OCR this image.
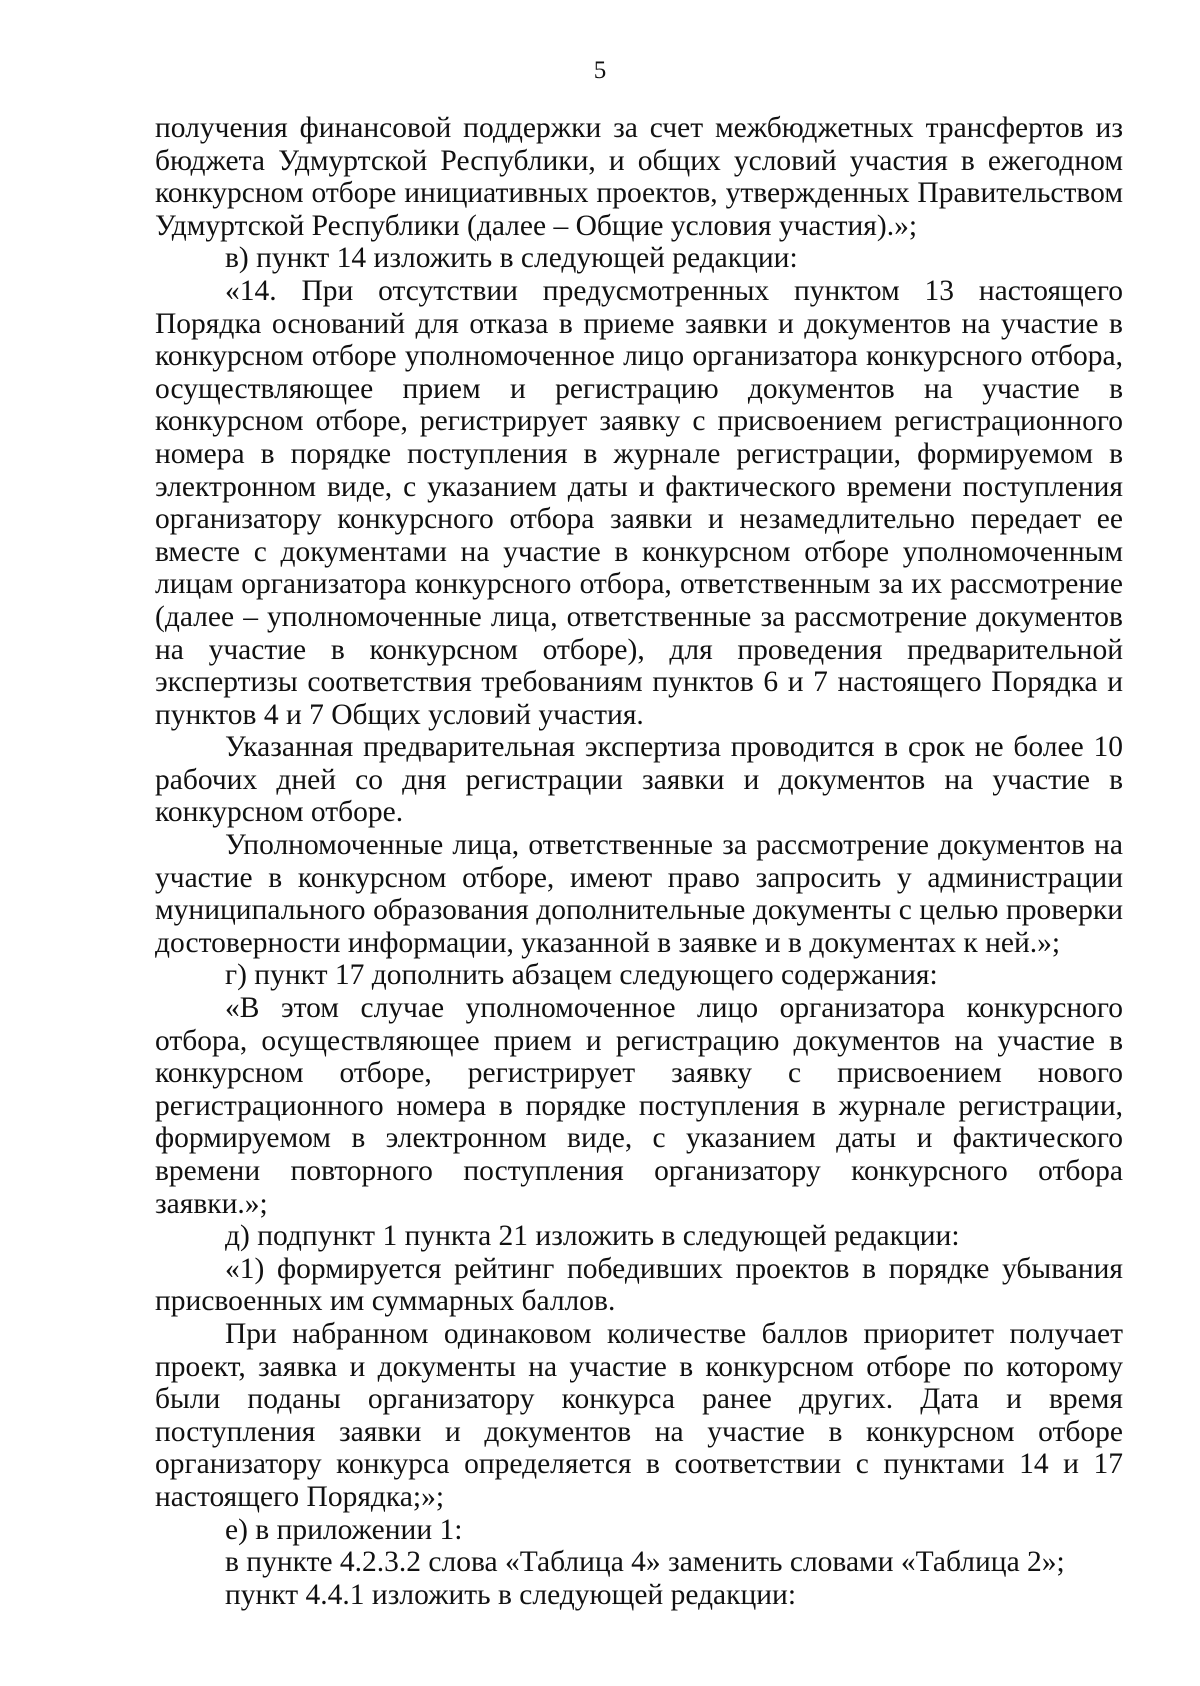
5

получения финансовой поддержки за счет межбюджетных трансфертов из бюджета Удмуртской Республики, и общих условий участия в ежегодном конкурсном отборе инициативных проектов, утвержденных Правительством Удмуртской Республики (далее – Общие условия участия).»;

в) пункт 14 изложить в следующей редакции:

«14. При отсутствии предусмотренных пунктом 13 настоящего Порядка оснований для отказа в приеме заявки и документов на участие в конкурсном отборе уполномоченное лицо организатора конкурсного отбора, осуществляющее прием и регистрацию документов на участие в конкурсном отборе, регистрирует заявку с присвоением регистрационного номера в порядке поступления в журнале регистрации, формируемом в электронном виде, с указанием даты и фактического времени поступления организатору конкурсного отбора заявки и незамедлительно передает ее вместе с документами на участие в конкурсном отборе уполномоченным лицам организатора конкурсного отбора, ответственным за их рассмотрение (далее – уполномоченные лица, ответственные за рассмотрение документов на участие в конкурсном отборе), для проведения предварительной экспертизы соответствия требованиям пунктов 6 и 7 настоящего Порядка и пунктов 4 и 7 Общих условий участия.

Указанная предварительная экспертиза проводится в срок не более 10 рабочих дней со дня регистрации заявки и документов на участие в конкурсном отборе.

Уполномоченные лица, ответственные за рассмотрение документов на участие в конкурсном отборе, имеют право запросить у администрации муниципального образования дополнительные документы с целью проверки достоверности информации, указанной в заявке и в документах к ней.»;

г) пункт 17 дополнить абзацем следующего содержания:

«В этом случае уполномоченное лицо организатора конкурсного отбора, осуществляющее прием и регистрацию документов на участие в конкурсном отборе, регистрирует заявку с присвоением нового регистрационного номера в порядке поступления в журнале регистрации, формируемом в электронном виде, с указанием даты и фактического времени повторного поступления организатору конкурсного отбора заявки.»;

д) подпункт 1 пункта 21 изложить в следующей редакции:

«1) формируется рейтинг победивших проектов в порядке убывания присвоенных им суммарных баллов.

При набранном одинаковом количестве баллов приоритет получает проект, заявка и документы на участие в конкурсном отборе по которому были поданы организатору конкурса ранее других. Дата и время поступления заявки и документов на участие в конкурсном отборе организатору конкурса определяется в соответствии с пунктами 14 и 17 настоящего Порядка;»;

е) в приложении 1:

в пункте 4.2.3.2 слова «Таблица 4» заменить словами «Таблица 2»;

пункт 4.4.1 изложить в следующей редакции:
